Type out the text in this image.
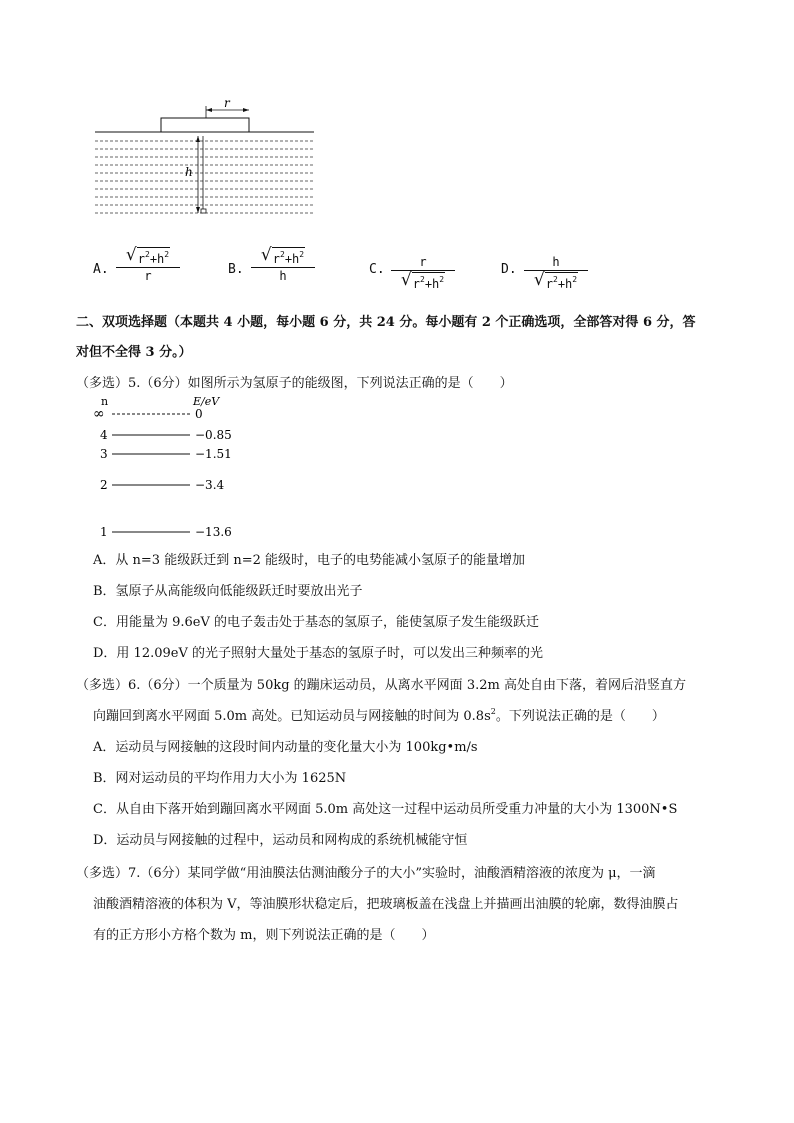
r
h
A.
√ $r^2+h^2$
r	B.
√ $r^2+h^2$
h	C.	r
√ $r^2+h^2$
D.	h
√ $r^2+h^2$
二、双项选择题（本题共 4 小题，每小题 6 分，共 24 分。每小题有 2 个正确选项，全部答对得 6 分，答
对但不全得 3 分。）
（多选）5.（6分）如图所示为氢原子的能级图，下列说法正确的是（　　）
n	E/eV
∞	0
4	−0.85
3	−1.51
2	−3.4
1	−13.6
A．从 n=3 能级跃迁到 n=2 能级时，电子的电势能减小氢原子的能量增加
B．氢原子从高能级向低能级跃迁时要放出光子
C．用能量为 9.6eV 的电子轰击处于基态的氢原子，能使氢原子发生能级跃迁
D．用 12.09eV 的光子照射大量处于基态的氢原子时，可以发出三种频率的光
（多选）6.（6分）一个质量为 50kg 的蹦床运动员，从离水平网面 3.2m 高处自由下落，着网后沿竖直方
向蹦回到离水平网面 5.0m 高处。已知运动员与网接触的时间为 $0.8s^2$。下列说法正确的是（　　）
A．运动员与网接触的这段时间内动量的变化量大小为 100kg•m/s
B．网对运动员的平均作用力大小为 1625N
C．从自由下落开始到蹦回离水平网面 5.0m 高处这一过程中运动员所受重力冲量的大小为 1300N•S
D．运动员与网接触的过程中，运动员和网构成的系统机械能守恒
（多选）7.（6分）某同学做“用油膜法估测油酸分子的大小”实验时，油酸酒精溶液的浓度为 μ，一滴
油酸酒精溶液的体积为 V，等油膜形状稳定后，把玻璃板盖在浅盘上并描画出油膜的轮廓，数得油膜占
有的正方形小方格个数为 m，则下列说法正确的是（　　）
